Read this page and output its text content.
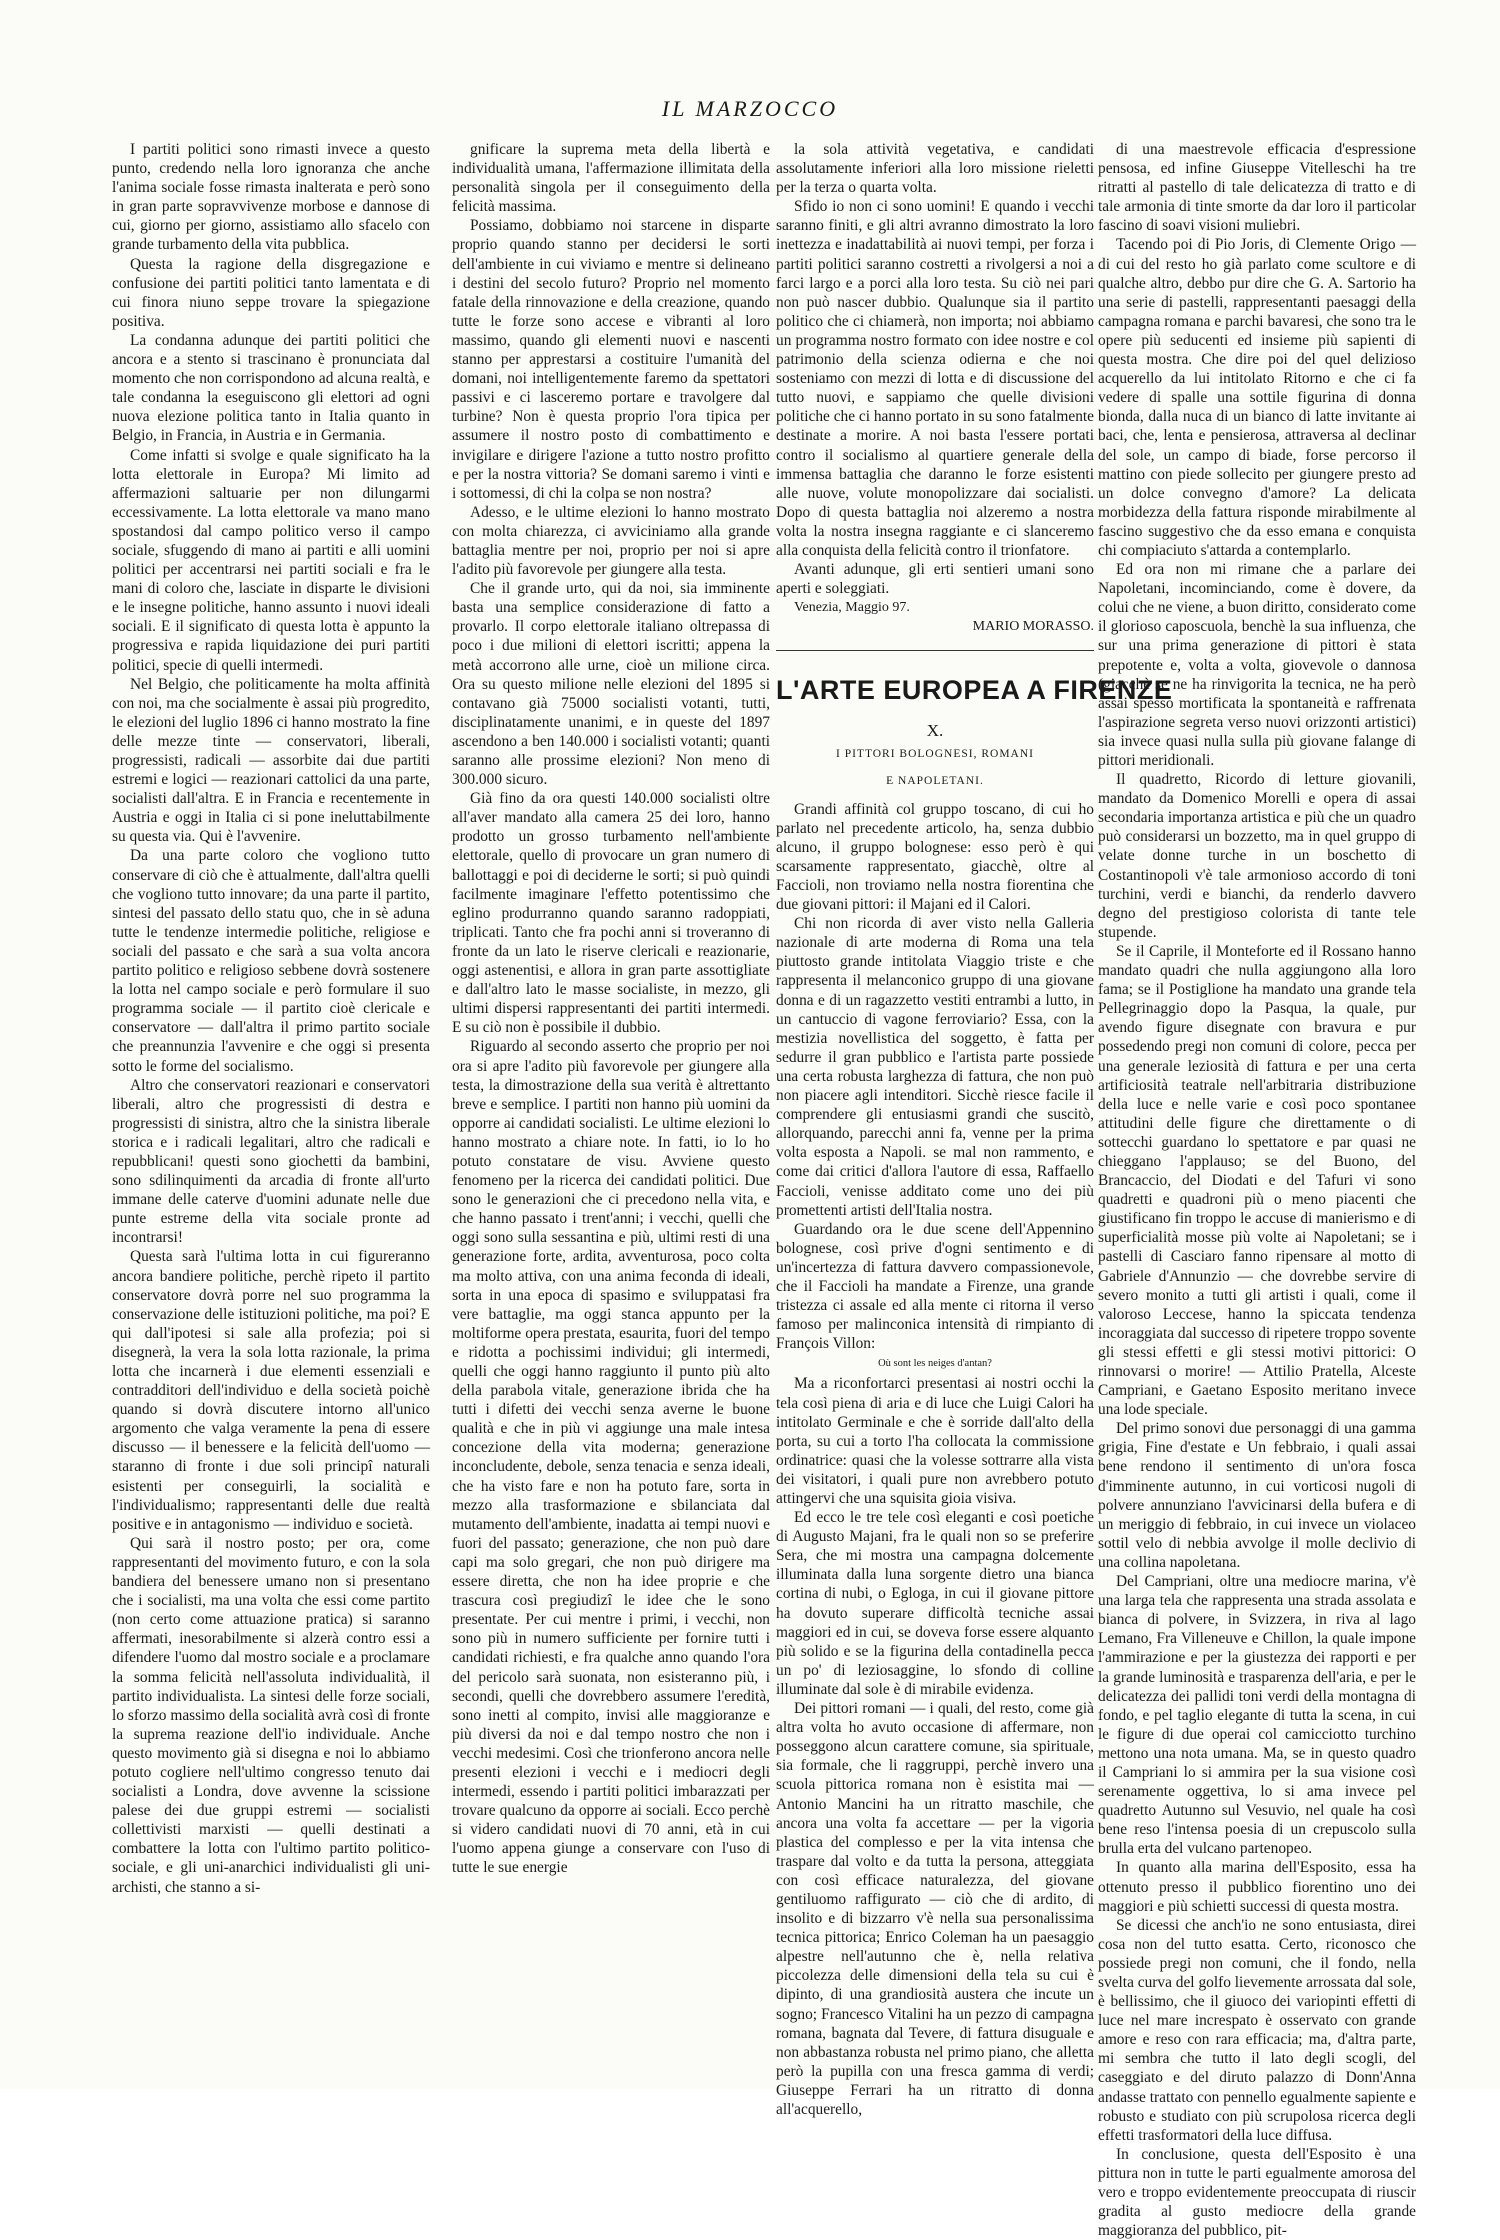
IL MARZOCCO

I partiti politici sono rimasti invece a questo punto, credendo nella loro ignoranza che anche l'anima sociale fosse rimasta inalterata e però sono in gran parte sopravvivenze morbose e dannose di cui, giorno per giorno, assistiamo allo sfacelo con grande turbamento della vita pubblica.

Questa la ragione della disgregazione e confusione dei partiti politici tanto lamentata e di cui finora niuno seppe trovare la spiegazione positiva.

La condanna adunque dei partiti politici che ancora e a stento si trascinano è pronunciata dal momento che non corrispondono ad alcuna realtà, e tale condanna la eseguiscono gli elettori ad ogni nuova elezione politica tanto in Italia quanto in Belgio, in Francia, in Austria e in Germania.

Come infatti si svolge e quale significato ha la lotta elettorale in Europa? Mi limito ad affermazioni saltuarie per non dilungarmi eccessivamente. La lotta elettorale va mano mano spostandosi dal campo politico verso il campo sociale, sfuggendo di mano ai partiti e alli uomini politici per accentrarsi nei partiti sociali e fra le mani di coloro che, lasciate in disparte le divisioni e le insegne politiche, hanno assunto i nuovi ideali sociali. E il significato di questa lotta è appunto la progressiva e rapida liquidazione dei puri partiti politici, specie di quelli intermedi.

Nel Belgio, che politicamente ha molta affinità con noi, ma che socialmente è assai più progredito, le elezioni del luglio 1896 ci hanno mostrato la fine delle mezze tinte — conservatori, liberali, progressisti, radicali — assorbite dai due partiti estremi e logici — reazionari cattolici da una parte, socialisti dall'altra. E in Francia e recentemente in Austria e oggi in Italia ci si pone ineluttabilmente su questa via. Qui è l'avvenire.

Da una parte coloro che vogliono tutto conservare di ciò che è attualmente, dall'altra quelli che vogliono tutto innovare; da una parte il partito, sintesi del passato dello statu quo, che in sè aduna tutte le tendenze intermedie politiche, religiose e sociali del passato e che sarà a sua volta ancora partito politico e religioso sebbene dovrà sostenere la lotta nel campo sociale e però formulare il suo programma sociale — il partito cioè clericale e conservatore — dall'altra il primo partito sociale che preannunzia l'avvenire e che oggi si presenta sotto le forme del socialismo.

Altro che conservatori reazionari e conservatori liberali, altro che progressisti di destra e progressisti di sinistra, altro che la sinistra liberale storica e i radicali legalitari, altro che radicali e repubblicani! questi sono giochetti da bambini, sono sdilinquimenti da arcadia di fronte all'urto immane delle caterve d'uomini adunate nelle due punte estreme della vita sociale pronte ad incontrarsi!

Questa sarà l'ultima lotta in cui figureranno ancora bandiere politiche, perchè ripeto il partito conservatore dovrà porre nel suo programma la conservazione delle istituzioni politiche, ma poi? E qui dall'ipotesi si sale alla profezia; poi si disegnerà, la vera la sola lotta razionale, la prima lotta che incarnerà i due elementi essenziali e contradditori dell'individuo e della società poichè quando si dovrà discutere intorno all'unico argomento che valga veramente la pena di essere discusso — il benessere e la felicità dell'uomo — staranno di fronte i due soli principî naturali esistenti per conseguirli, la socialità e l'individualismo; rappresentanti delle due realtà positive e in antagonismo — individuo e società.

Qui sarà il nostro posto; per ora, come rappresentanti del movimento futuro, e con la sola bandiera del benessere umano non si presentano che i socialisti, ma una volta che essi come partito (non certo come attuazione pratica) si saranno affermati, inesorabilmente si alzerà contro essi a difendere l'uomo dal mostro sociale e a proclamare la somma felicità nell'assoluta individualità, il partito individualista. La sintesi delle forze sociali, lo sforzo massimo della socialità avrà così di fronte la suprema reazione dell'io individuale. Anche questo movimento già si disegna e noi lo abbiamo potuto cogliere nell'ultimo congresso tenuto dai socialisti a Londra, dove avvenne la scissione palese dei due gruppi estremi — socialisti collettivisti marxisti — quelli destinati a combattere la lotta con l'ultimo partito politico-sociale, e gli uni-anarchici individualisti gli uni-archisti, che stanno a si-

gnificare la suprema meta della libertà e individualità umana, l'affermazione illimitata della personalità singola per il conseguimento della felicità massima.

Possiamo, dobbiamo noi starcene in disparte proprio quando stanno per decidersi le sorti dell'ambiente in cui viviamo e mentre si delineano i destini del secolo futuro? Proprio nel momento fatale della rinnovazione e della creazione, quando tutte le forze sono accese e vibranti al loro massimo, quando gli elementi nuovi e nascenti stanno per apprestarsi a costituire l'umanità del domani, noi intelligentemente faremo da spettatori passivi e ci lasceremo portare e travolgere dal turbine? Non è questa proprio l'ora tipica per assumere il nostro posto di combattimento e invigilare e dirigere l'azione a tutto nostro profitto e per la nostra vittoria? Se domani saremo i vinti e i sottomessi, di chi la colpa se non nostra?

Adesso, e le ultime elezioni lo hanno mostrato con molta chiarezza, ci avviciniamo alla grande battaglia mentre per noi, proprio per noi si apre l'adito più favorevole per giungere alla testa.

Che il grande urto, qui da noi, sia imminente basta una semplice considerazione di fatto a provarlo. Il corpo elettorale italiano oltrepassa di poco i due milioni di elettori iscritti; appena la metà accorrono alle urne, cioè un milione circa. Ora su questo milione nelle elezioni del 1895 si contavano già 75000 socialisti votanti, tutti, disciplinatamente unanimi, e in queste del 1897 ascendono a ben 140.000 i socialisti votanti; quanti saranno alle prossime elezioni? Non meno di 300.000 sicuro.

Già fino da ora questi 140.000 socialisti oltre all'aver mandato alla camera 25 dei loro, hanno prodotto un grosso turbamento nell'ambiente elettorale, quello di provocare un gran numero di ballottaggi e poi di deciderne le sorti; si può quindi facilmente imaginare l'effetto potentissimo che eglino produrranno quando saranno radoppiati, triplicati. Tanto che fra pochi anni si troveranno di fronte da un lato le riserve clericali e reazionarie, oggi astenentisi, e allora in gran parte assottigliate e dall'altro lato le masse socialiste, in mezzo, gli ultimi dispersi rappresentanti dei partiti intermedi. E su ciò non è possibile il dubbio.

Riguardo al secondo asserto che proprio per noi ora si apre l'adito più favorevole per giungere alla testa, la dimostrazione della sua verità è altrettanto breve e semplice. I partiti non hanno più uomini da opporre ai candidati socialisti. Le ultime elezioni lo hanno mostrato a chiare note. In fatti, io lo ho potuto constatare de visu. Avviene questo fenomeno per la ricerca dei candidati politici. Due sono le generazioni che ci precedono nella vita, e che hanno passato i trent'anni; i vecchi, quelli che oggi sono sulla sessantina e più, ultimi resti di una generazione forte, ardita, avventurosa, poco colta ma molto attiva, con una anima feconda di ideali, sorta in una epoca di spasimo e sviluppatasi fra vere battaglie, ma oggi stanca appunto per la moltiforme opera prestata, esaurita, fuori del tempo e ridotta a pochissimi individui; gli intermedi, quelli che oggi hanno raggiunto il punto più alto della parabola vitale, generazione ibrida che ha tutti i difetti dei vecchi senza averne le buone qualità e che in più vi aggiunge una male intesa concezione della vita moderna; generazione inconcludente, debole, senza tenacia e senza ideali, che ha visto fare e non ha potuto fare, sorta in mezzo alla trasformazione e sbilanciata dal mutamento dell'ambiente, inadatta ai tempi nuovi e fuori del passato; generazione, che non può dare capi ma solo gregari, che non può dirigere ma essere diretta, che non ha idee proprie e che trascura così pregiudizî le idee che le sono presentate. Per cui mentre i primi, i vecchi, non sono più in numero sufficiente per fornire tutti i candidati richiesti, e fra qualche anno quando l'ora del pericolo sarà suonata, non esisteranno più, i secondi, quelli che dovrebbero assumere l'eredità, sono inetti al compito, invisi alle maggioranze e più diversi da noi e dal tempo nostro che non i vecchi medesimi. Così che trionferono ancora nelle presenti elezioni i vecchi e i mediocri degli intermedi, essendo i partiti politici imbarazzati per trovare qualcuno da opporre ai sociali. Ecco perchè si videro candidati nuovi di 70 anni, età in cui l'uomo appena giunge a conservare con l'uso di tutte le sue energie

la sola attività vegetativa, e candidati assolutamente inferiori alla loro missione rieletti per la terza o quarta volta.

Sfido io non ci sono uomini! E quando i vecchi saranno finiti, e gli altri avranno dimostrato la loro inettezza e inadattabilità ai nuovi tempi, per forza i partiti politici saranno costretti a rivolgersi a noi a farci largo e a porci alla loro testa. Su ciò nei pari non può nascer dubbio. Qualunque sia il partito politico che ci chiamerà, non importa; noi abbiamo un programma nostro formato con idee nostre e col patrimonio della scienza odierna e che noi sosteniamo con mezzi di lotta e di discussione del tutto nuovi, e sappiamo che quelle divisioni politiche che ci hanno portato in su sono fatalmente destinate a morire. A noi basta l'essere portati contro il socialismo al quartiere generale della immensa battaglia che daranno le forze esistenti alle nuove, volute monopolizzare dai socialisti. Dopo di questa battaglia noi alzeremo a nostra volta la nostra insegna raggiante e ci slanceremo alla conquista della felicità contro il trionfatore.

Avanti adunque, gli erti sentieri umani sono aperti e soleggiati.

Venezia, Maggio 97.

MARIO MORASSO.

L'ARTE EUROPEA A FIRENZE
X.
I PITTORI BOLOGNESI, ROMANI
E NAPOLETANI.

Grandi affinità col gruppo toscano, di cui ho parlato nel precedente articolo, ha, senza dubbio alcuno, il gruppo bolognese: esso però è qui scarsamente rappresentato, giacchè, oltre al Faccioli, non troviamo nella nostra fiorentina che due giovani pittori: il Majani ed il Calori.

Chi non ricorda di aver visto nella Galleria nazionale di arte moderna di Roma una tela piuttosto grande intitolata Viaggio triste e che rappresenta il melanconico gruppo di una giovane donna e di un ragazzetto vestiti entrambi a lutto, in un cantuccio di vagone ferroviario? Essa, con la mestizia novellistica del soggetto, è fatta per sedurre il gran pubblico e l'artista parte possiede una certa robusta larghezza di fattura, che non può non piacere agli intenditori. Sicchè riesce facile il comprendere gli entusiasmi grandi che suscitò, allorquando, parecchi anni fa, venne per la prima volta esposta a Napoli. se mal non rammento, e come dai critici d'allora l'autore di essa, Raffaello Faccioli, venisse additato come uno dei più promettenti artisti dell'Italia nostra.

Guardando ora le due scene dell'Appennino bolognese, così prive d'ogni sentimento e di un'incertezza di fattura davvero compassionevole, che il Faccioli ha mandate a Firenze, una grande tristezza ci assale ed alla mente ci ritorna il verso famoso per malinconica intensità di rimpianto di François Villon:

Où sont les neiges d'antan?

Ma a riconfortarci presentasi ai nostri occhi la tela così piena di aria e di luce che Luigi Calori ha intitolato Germinale e che è sorride dall'alto della porta, su cui a torto l'ha collocata la commissione ordinatrice: quasi che la volesse sottrarre alla vista dei visitatori, i quali pure non avrebbero potuto attingervi che una squisita gioia visiva.

Ed ecco le tre tele così eleganti e così poetiche di Augusto Majani, fra le quali non so se preferire Sera, che mi mostra una campagna dolcemente illuminata dalla luna sorgente dietro una bianca cortina di nubi, o Egloga, in cui il giovane pittore ha dovuto superare difficoltà tecniche assai maggiori ed in cui, se doveva forse essere alquanto più solido e se la figurina della contadinella pecca un po' di leziosaggine, lo sfondo di colline illuminate dal sole è di mirabile evidenza.

Dei pittori romani — i quali, del resto, come già altra volta ho avuto occasione di affermare, non posseggono alcun carattere comune, sia spirituale, sia formale, che li raggruppi, perchè invero una scuola pittorica romana non è esistita mai — Antonio Mancini ha un ritratto maschile, che ancora una volta fa accettare — per la vigoria plastica del complesso e per la vita intensa che traspare dal volto e da tutta la persona, atteggiata con così efficace naturalezza, del giovane gentiluomo raffigurato — ciò che di ardito, di insolito e di bizzarro v'è nella sua personalissima tecnica pittorica; Enrico Coleman ha un paesaggio alpestre nell'autunno che è, nella relativa piccolezza delle dimensioni della tela su cui è dipinto, di una grandiosità austera che incute un sogno; Francesco Vitalini ha un pezzo di campagna romana, bagnata dal Tevere, di fattura disuguale e non abbastanza robusta nel primo piano, che alletta però la pupilla con una fresca gamma di verdi; Giuseppe Ferrari ha un ritratto di donna all'acquerello,

di una maestrevole efficacia d'espressione pensosa, ed infine Giuseppe Vitelleschi ha tre ritratti al pastello di tale delicatezza di tratto e di tale armonia di tinte smorte da dar loro il particolar fascino di soavi visioni muliebri.

Tacendo poi di Pio Joris, di Clemente Origo — di cui del resto ho già parlato come scultore e di qualche altro, debbo pur dire che G. A. Sartorio ha una serie di pastelli, rappresentanti paesaggi della campagna romana e parchi bavaresi, che sono tra le opere più seducenti ed insieme più sapienti di questa mostra. Che dire poi del quel delizioso acquerello da lui intitolato Ritorno e che ci fa vedere di spalle una sottile figurina di donna bionda, dalla nuca di un bianco di latte invitante ai baci, che, lenta e pensierosa, attraversa al declinar del sole, un campo di biade, forse percorso il mattino con piede sollecito per giungere presto ad un dolce convegno d'amore? La delicata morbidezza della fattura risponde mirabilmente al fascino suggestivo che da esso emana e conquista chi compiaciuto s'attarda a contemplarlo.

Ed ora non mi rimane che a parlare dei Napoletani, incominciando, come è dovere, da colui che ne viene, a buon diritto, considerato come il glorioso caposcuola, benchè la sua influenza, che sur una prima generazione di pittori è stata prepotente e, volta a volta, giovevole o dannosa (giacchè se ne ha rinvigorita la tecnica, ne ha però assai spesso mortificata la spontaneità e raffrenata l'aspirazione segreta verso nuovi orizzonti artistici) sia invece quasi nulla sulla più giovane falange di pittori meridionali.

Il quadretto, Ricordo di letture giovanili, mandato da Domenico Morelli e opera di assai secondaria importanza artistica e più che un quadro può considerarsi un bozzetto, ma in quel gruppo di velate donne turche in un boschetto di Costantinopoli v'è tale armonioso accordo di toni turchini, verdi e bianchi, da renderlo davvero degno del prestigioso colorista di tante tele stupende.

Se il Caprile, il Monteforte ed il Rossano hanno mandato quadri che nulla aggiungono alla loro fama; se il Postiglione ha mandato una grande tela Pellegrinaggio dopo la Pasqua, la quale, pur avendo figure disegnate con bravura e pur possedendo pregi non comuni di colore, pecca per una generale leziosità di fattura e per una certa artificiosità teatrale nell'arbitraria distribuzione della luce e nelle varie e così poco spontanee attitudini delle figure che direttamente o di sottecchi guardano lo spettatore e par quasi ne chieggano l'applauso; se del Buono, del Brancaccio, del Diodati e del Tafuri vi sono quadretti e quadroni più o meno piacenti che giustificano fin troppo le accuse di manierismo e di superficialità mosse più volte ai Napoletani; se i pastelli di Casciaro fanno ripensare al motto di Gabriele d'Annunzio — che dovrebbe servire di severo monito a tutti gli artisti i quali, come il valoroso Leccese, hanno la spiccata tendenza incoraggiata dal successo di ripetere troppo sovente gli stessi effetti e gli stessi motivi pittorici: O rinnovarsi o morire! — Attilio Pratella, Alceste Campriani, e Gaetano Esposito meritano invece una lode speciale.

Del primo sonovi due personaggi di una gamma grigia, Fine d'estate e Un febbraio, i quali assai bene rendono il sentimento di un'ora fosca d'imminente autunno, in cui vorticosi nugoli di polvere annunziano l'avvicinarsi della bufera e di un meriggio di febbraio, in cui invece un violaceo sottil velo di nebbia avvolge il molle declivio di una collina napoletana.

Del Campriani, oltre una mediocre marina, v'è una larga tela che rappresenta una strada assolata e bianca di polvere, in Svizzera, in riva al lago Lemano, Fra Villeneuve e Chillon, la quale impone l'ammirazione e per la giustezza dei rapporti e per la grande luminosità e trasparenza dell'aria, e per le delicatezza dei pallidi toni verdi della montagna di fondo, e pel taglio elegante di tutta la scena, in cui le figure di due operai col camicciotto turchino mettono una nota umana. Ma, se in questo quadro il Campriani lo si ammira per la sua visione così serenamente oggettiva, lo si ama invece pel quadretto Autunno sul Vesuvio, nel quale ha così bene reso l'intensa poesia di un crepuscolo sulla brulla erta del vulcano partenopeo.

In quanto alla marina dell'Esposito, essa ha ottenuto presso il pubblico fiorentino uno dei maggiori e più schietti successi di questa mostra.

Se dicessi che anch'io ne sono entusiasta, direi cosa non del tutto esatta. Certo, riconosco che possiede pregi non comuni, che il fondo, nella svelta curva del golfo lievemente arrossata dal sole, è bellissimo, che il giuoco dei variopinti effetti di luce nel mare increspato è osservato con grande amore e reso con rara efficacia; ma, d'altra parte, mi sembra che tutto il lato degli scogli, del caseggiato e del diruto palazzo di Donn'Anna andasse trattato con pennello egualmente sapiente e robusto e studiato con più scrupolosa ricerca degli effetti trasformatori della luce diffusa.

In conclusione, questa dell'Esposito è una pittura non in tutte le parti egualmente amorosa del vero e troppo evidentemente preoccupata di riuscir gradita al gusto mediocre della grande maggioranza del pubblico, pit-
